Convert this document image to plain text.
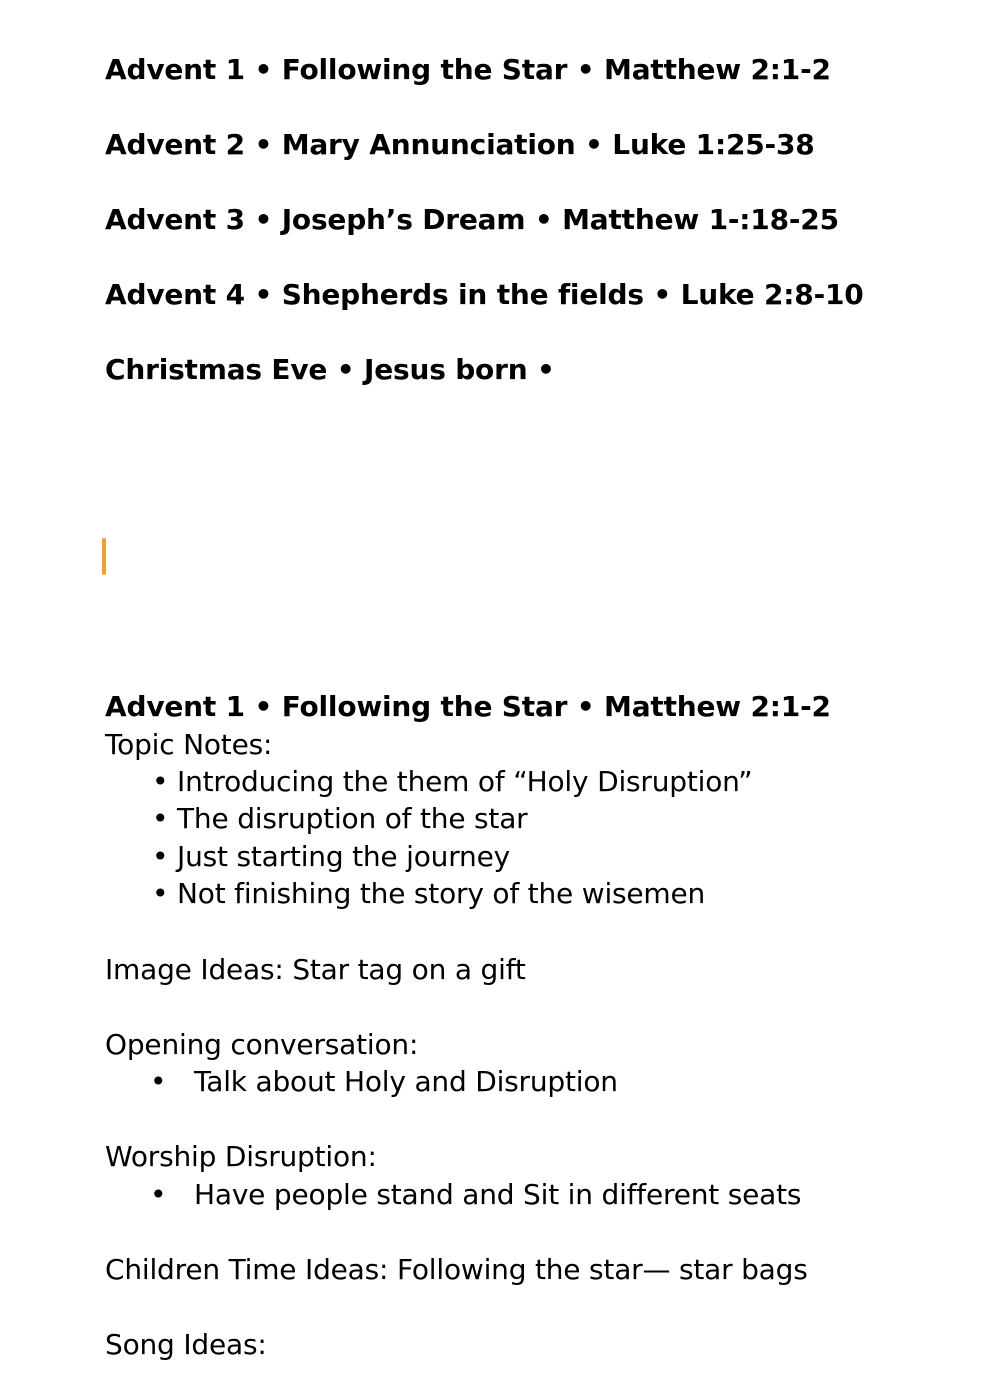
Advent 1 • Following the Star • Matthew 2:1-2
Advent 2 • Mary Annunciation • Luke 1:25-38
Advent 3 • Joseph’s Dream • Matthew 1-:18-25
Advent 4 • Shepherds in the fields • Luke 2:8-10
Christmas Eve • Jesus born •
Advent 1 • Following the Star • Matthew 2:1-2
Topic Notes:
• Introducing the them of “Holy Disruption”
• The disruption of the star
• Just starting the journey
• Not finishing the story of the wisemen
Image Ideas: Star tag on a gift
Opening conversation:
• Talk about Holy and Disruption
Worship Disruption:
• Have people stand and Sit in different seats
Children Time Ideas: Following the star— star bags
Song Ideas:
